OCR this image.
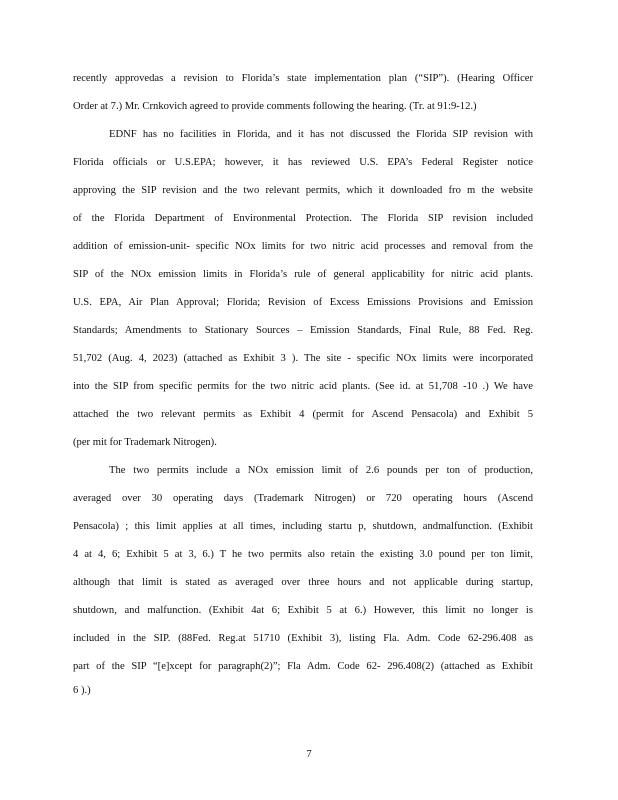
recently approvedas a revision to Florida’s state implementation plan (“SIP”). (Hearing Officer
Order at 7.) Mr. Crnkovich agreed to provide comments following the hearing. (Tr. at 91:9-12.)
EDNF has no facilities in Florida, and it has not discussed the Florida SIP revision with
Florida officials or U.S.EPA; however, it has reviewed U.S. EPA’s Federal Register notice
approving the SIP revision and the two relevant permits, which it downloaded fro m the website
of the Florida Department of Environmental Protection. The Florida SIP revision included
addition of emission-unit- specific NOx limits for two nitric acid processes and removal from the
SIP of the NOx emission limits in Florida’s rule of general applicability for nitric acid plants.
U.S. EPA, Air Plan Approval; Florida; Revision of Excess Emissions Provisions and Emission
Standards; Amendments to Stationary Sources – Emission Standards, Final Rule, 88 Fed. Reg.
51,702 (Aug. 4, 2023) (attached as Exhibit 3 ). The site - specific NOx limits were incorporated
into the SIP from specific permits for the two nitric acid plants. (See id. at 51,708 -10 .) We have
attached the two relevant permits as Exhibit 4 (permit for Ascend Pensacola) and Exhibit 5
(per mit for Trademark Nitrogen).
The two permits include a NOx emission limit of 2.6 pounds per ton of production,
averaged over 30 operating days (Trademark Nitrogen) or 720 operating hours (Ascend
Pensacola) ; this limit applies at all times, including startu p, shutdown, andmalfunction. (Exhibit
4 at 4, 6; Exhibit 5 at 3, 6.) T he two permits also retain the existing 3.0 pound per ton limit,
although that limit is stated as averaged over three hours and not applicable during startup,
shutdown, and malfunction. (Exhibit 4at 6; Exhibit 5 at 6.) However, this limit no longer is
included in the SIP. (88Fed. Reg.at 51710 (Exhibit 3), listing Fla. Adm. Code 62-296.408 as
part of the SIP “[e]xcept for paragraph(2)”; Fla Adm. Code 62- 296.408(2) (attached as Exhibit
6 ).)
7
